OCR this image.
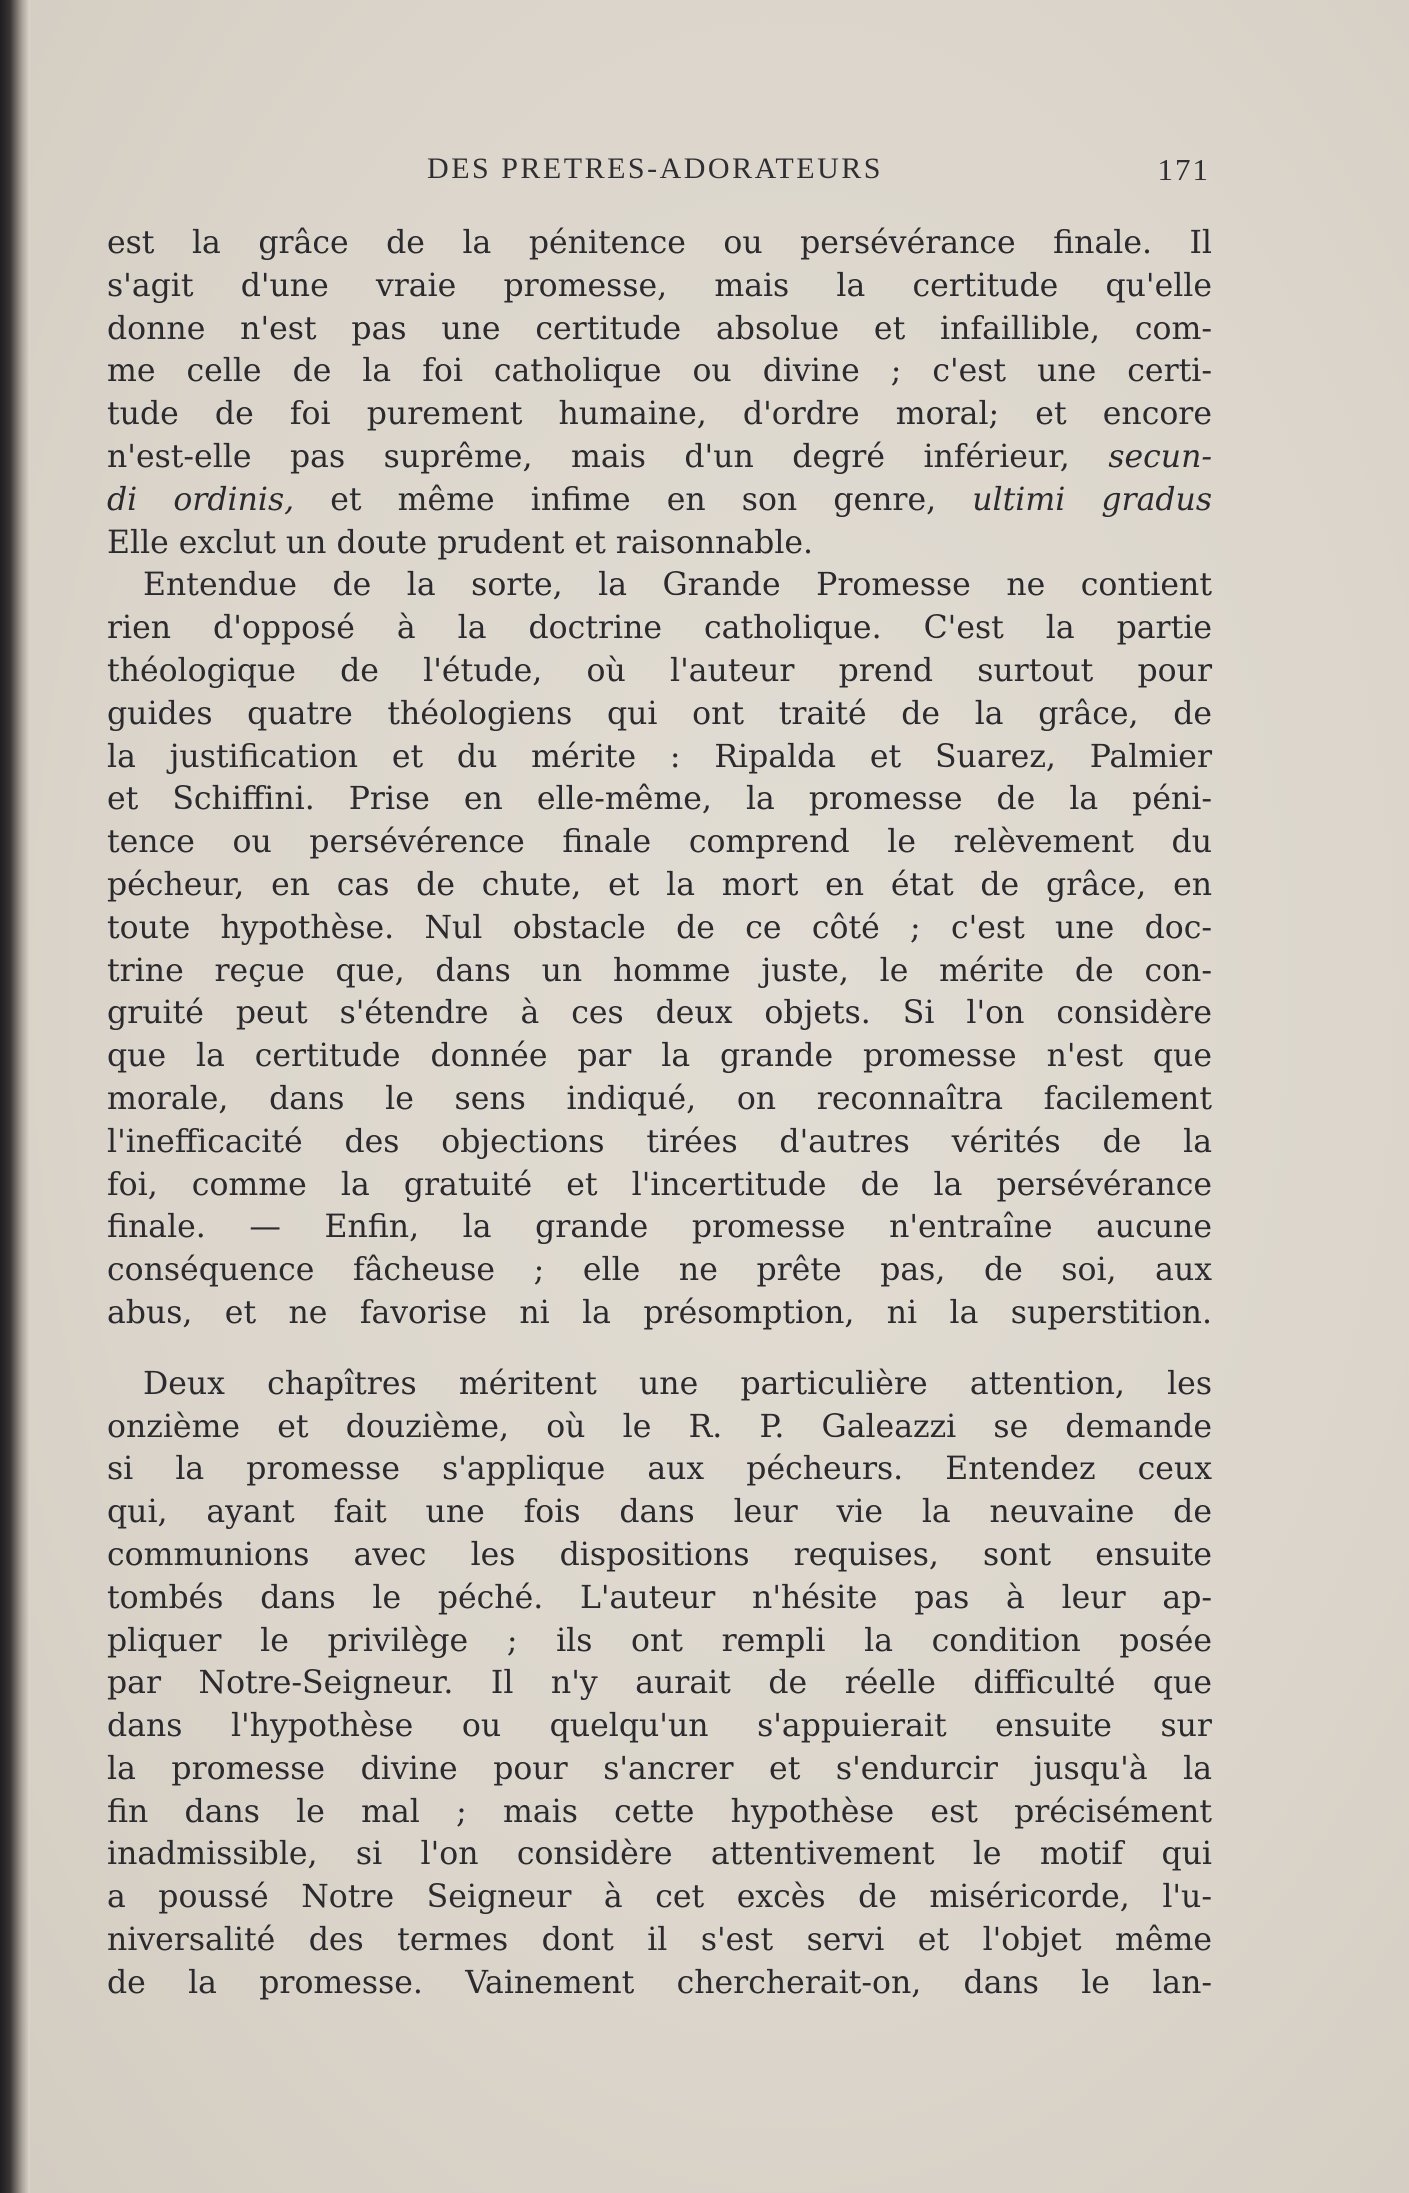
DES PRETRES-ADORATEURS	171
est la grâce de la pénitence ou persévérance finale. Il
s'agit d'une vraie promesse, mais la certitude qu'elle
donne n'est pas une certitude absolue et infaillible, com-
me celle de la foi catholique ou divine ; c'est une certi-
tude de foi purement humaine, d'ordre moral; et encore
n'est-elle pas suprême, mais d'un degré inférieur, secun-
di ordinis, et même infime en son genre, ultimi gradus
Elle exclut un doute prudent et raisonnable.
Entendue de la sorte, la Grande Promesse ne contient
rien d'opposé à la doctrine catholique. C'est la partie
théologique de l'étude, où l'auteur prend surtout pour
guides quatre théologiens qui ont traité de la grâce, de
la justification et du mérite : Ripalda et Suarez, Palmier
et Schiffini. Prise en elle-même, la promesse de la péni-
tence ou persévérence finale comprend le relèvement du
pécheur, en cas de chute, et la mort en état de grâce, en
toute hypothèse. Nul obstacle de ce côté ; c'est une doc-
trine reçue que, dans un homme juste, le mérite de con-
gruité peut s'étendre à ces deux objets. Si l'on considère
que la certitude donnée par la grande promesse n'est que
morale, dans le sens indiqué, on reconnaîtra facilement
l'inefficacité des objections tirées d'autres vérités de la
foi, comme la gratuité et l'incertitude de la persévérance
finale. — Enfin, la grande promesse n'entraîne aucune
conséquence fâcheuse ; elle ne prête pas, de soi, aux
abus, et ne favorise ni la présomption, ni la superstition.
Deux chapîtres méritent une particulière attention, les
onzième et douzième, où le R. P. Galeazzi se demande
si la promesse s'applique aux pécheurs. Entendez ceux
qui, ayant fait une fois dans leur vie la neuvaine de
communions avec les dispositions requises, sont ensuite
tombés dans le péché. L'auteur n'hésite pas à leur ap-
pliquer le privilège ; ils ont rempli la condition posée
par Notre-Seigneur. Il n'y aurait de réelle difficulté que
dans l'hypothèse ou quelqu'un s'appuierait ensuite sur
la promesse divine pour s'ancrer et s'endurcir jusqu'à la
fin dans le mal ; mais cette hypothèse est précisément
inadmissible, si l'on considère attentivement le motif qui
a poussé Notre Seigneur à cet excès de miséricorde, l'u-
niversalité des termes dont il s'est servi et l'objet même
de la promesse. Vainement chercherait-on, dans le lan-
